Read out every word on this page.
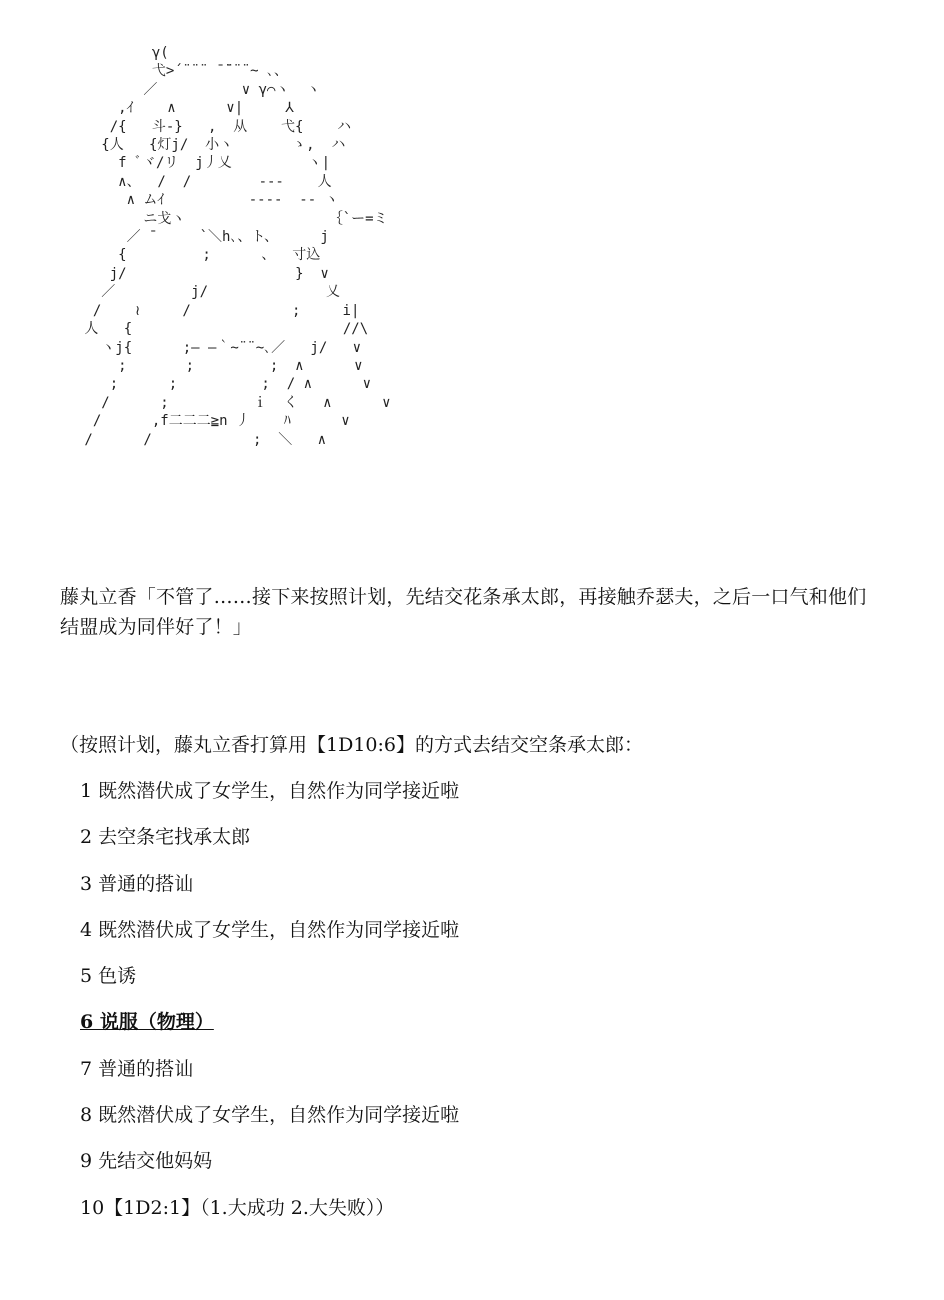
γ(
弋>´¨¨¨ ̄ ̄¨¨¨~ ､、
／          ∨ γ⌒ヽ  ヽ
,ｲ    ∧      ∨|     ⅄
/{   斗-}   ,  从    弋{    ハ
{人   {灯j/  小ヽ       ゝ,  ハ
f ﾞヾ/リ  j丿乂         ヽ|
∧、  /  /        ‐‐‐    人
∧ ムｲ          ‐‐‐‐  ‐‐ ヽ
ニ戈ヽ                 ｛`ー=ミ
／ ̄      `＼h､、ト、     j
{         ;      、  寸込
j/                    }  ∨
／         j/              乂
/    ≀     /            ;     i|
人   {                         //\
ヽj{      ;― ―｀~¨¨~､／   j/   ∨
;       ;         ;  ∧      ∨
;      ;          ;  / ∧      ∨
/      ;          ｉ  く   ∧      ∨
/      ,f二二二≧n 丿    ﾊ      ∨
/      /            ;  ＼   ∧
藤丸立香「不管了……接下来按照计划，先结交花条承太郎，再接触乔瑟夫，之后一口气和他们结盟成为同伴好了！」
（按照计划，藤丸立香打算用【1D10:6】的方式去结交空条承太郎：
1 既然潜伏成了女学生，自然作为同学接近啦
2 去空条宅找承太郎
3 普通的搭讪
4 既然潜伏成了女学生，自然作为同学接近啦
5 色诱
6 说服（物理）
7 普通的搭讪
8 既然潜伏成了女学生，自然作为同学接近啦
9 先结交他妈妈
10【1D2:1】（1.大成功 2.大失败））
